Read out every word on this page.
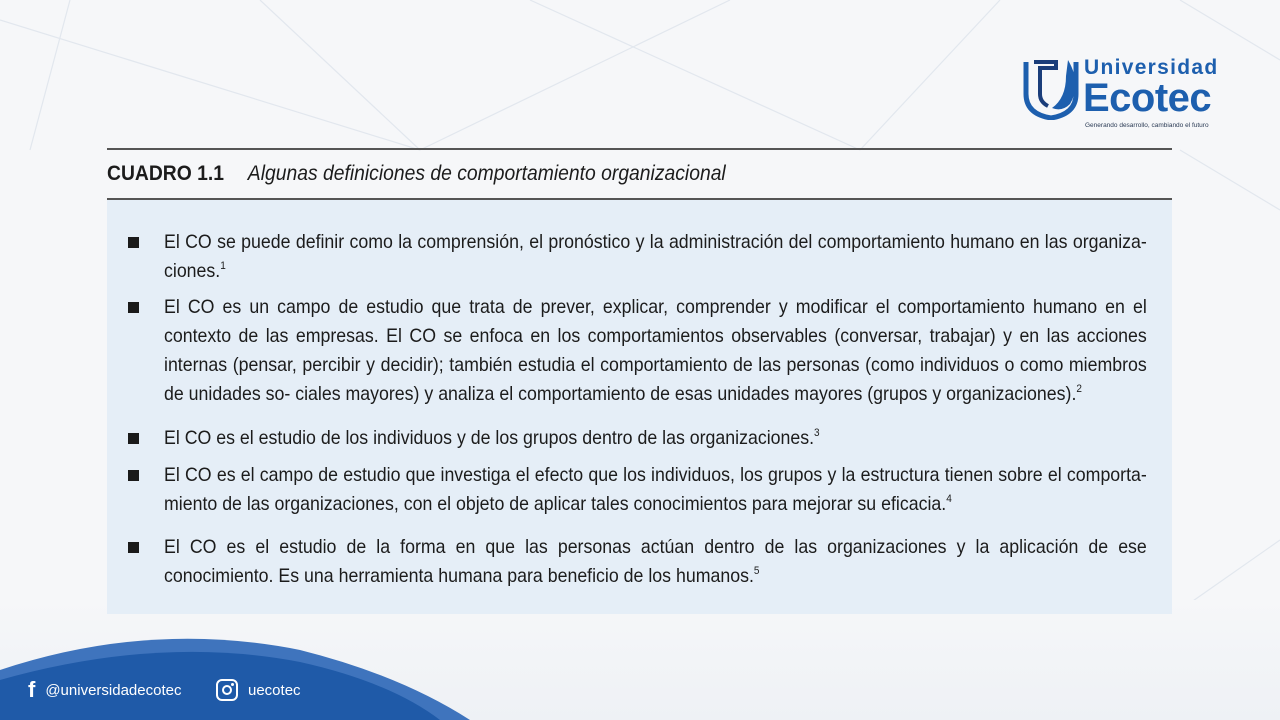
Universidad
Ecotec
Generando desarrollo, cambiando el futuro
CUADRO 1.1 Algunas definiciones de comportamiento organizacional
El CO se puede definir como la comprensión, el pronóstico y la administración del comportamiento humano en las organiza- ciones.$^1$
El CO es un campo de estudio que trata de prever, explicar, comprender y modificar el comportamiento humano en el contexto de las empresas. El CO se enfoca en los comportamientos observables (conversar, trabajar) y en las acciones internas (pensar, percibir y decidir); también estudia el comportamiento de las personas (como individuos o como miembros de unidades so- ciales mayores) y analiza el comportamiento de esas unidades mayores (grupos y organizaciones).$^2$
El CO es el estudio de los individuos y de los grupos dentro de las organizaciones.$^3$
El CO es el campo de estudio que investiga el efecto que los individuos, los grupos y la estructura tienen sobre el comporta- miento de las organizaciones, con el objeto de aplicar tales conocimientos para mejorar su eficacia.$^4$
El CO es el estudio de la forma en que las personas actúan dentro de las organizaciones y la aplicación de ese conocimiento. Es una herramienta humana para beneficio de los humanos.$^5$
f @universidadecotec	uecotec
